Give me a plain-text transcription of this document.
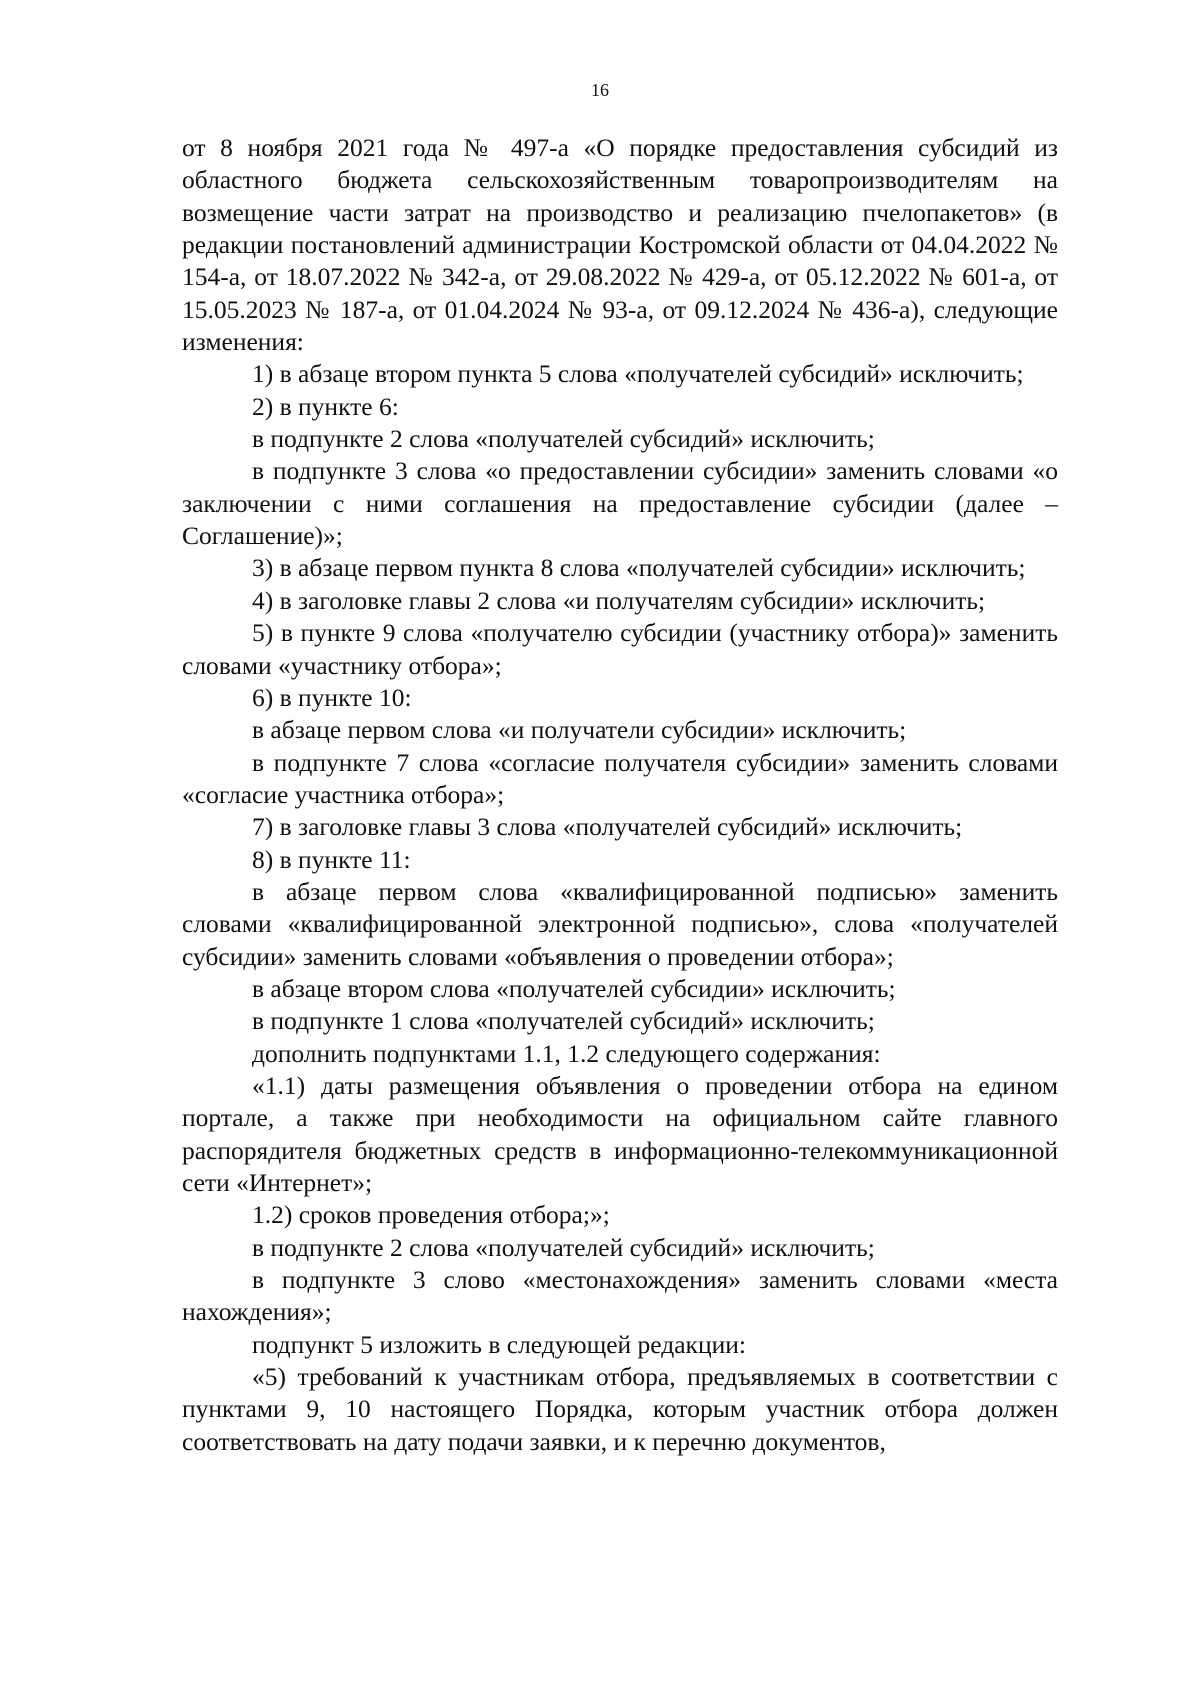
16

от 8 ноября 2021 года № 497-а «О порядке предоставления субсидий из областного бюджета сельскохозяйственным товаропроизводителям на возмещение части затрат на производство и реализацию пчелопакетов» (в редакции постановлений администрации Костромской области от 04.04.2022 № 154-а, от 18.07.2022 № 342-а, от 29.08.2022 № 429-а, от 05.12.2022 № 601-а, от 15.05.2023 № 187-а, от 01.04.2024 № 93-а, от 09.12.2024 № 436-а), следующие изменения:

1) в абзаце втором пункта 5 слова «получателей субсидий» исключить;

2) в пункте 6:

в подпункте 2 слова «получателей субсидий» исключить;

в подпункте 3 слова «о предоставлении субсидии» заменить словами «о заключении с ними соглашения на предоставление субсидии (далее – Соглашение)»;

3) в абзаце первом пункта 8 слова «получателей субсидии» исключить;

4) в заголовке главы 2 слова «и получателям субсидии» исключить;

5) в пункте 9 слова «получателю субсидии (участнику отбора)» заменить словами «участнику отбора»;

6) в пункте 10:

в абзаце первом слова «и получатели субсидии» исключить;

в подпункте 7 слова «согласие получателя субсидии» заменить словами «согласие участника отбора»;

7) в заголовке главы 3 слова «получателей субсидий» исключить;

8) в пункте 11:

в абзаце первом слова «квалифицированной подписью» заменить словами «квалифицированной электронной подписью», слова «получателей субсидии» заменить словами «объявления о проведении отбора»;

в абзаце втором слова «получателей субсидии» исключить;

в подпункте 1 слова «получателей субсидий» исключить;

дополнить подпунктами 1.1, 1.2 следующего содержания:

«1.1) даты размещения объявления о проведении отбора на едином портале, а также при необходимости на официальном сайте главного распорядителя бюджетных средств в информационно-телекоммуникационной сети «Интернет»;

1.2) сроков проведения отбора;»;

в подпункте 2 слова «получателей субсидий» исключить;

в подпункте 3 слово «местонахождения» заменить словами «места нахождения»;

подпункт 5 изложить в следующей редакции:

«5) требований к участникам отбора, предъявляемых в соответствии с пунктами 9, 10 настоящего Порядка, которым участник отбора должен соответствовать на дату подачи заявки, и к перечню документов,
